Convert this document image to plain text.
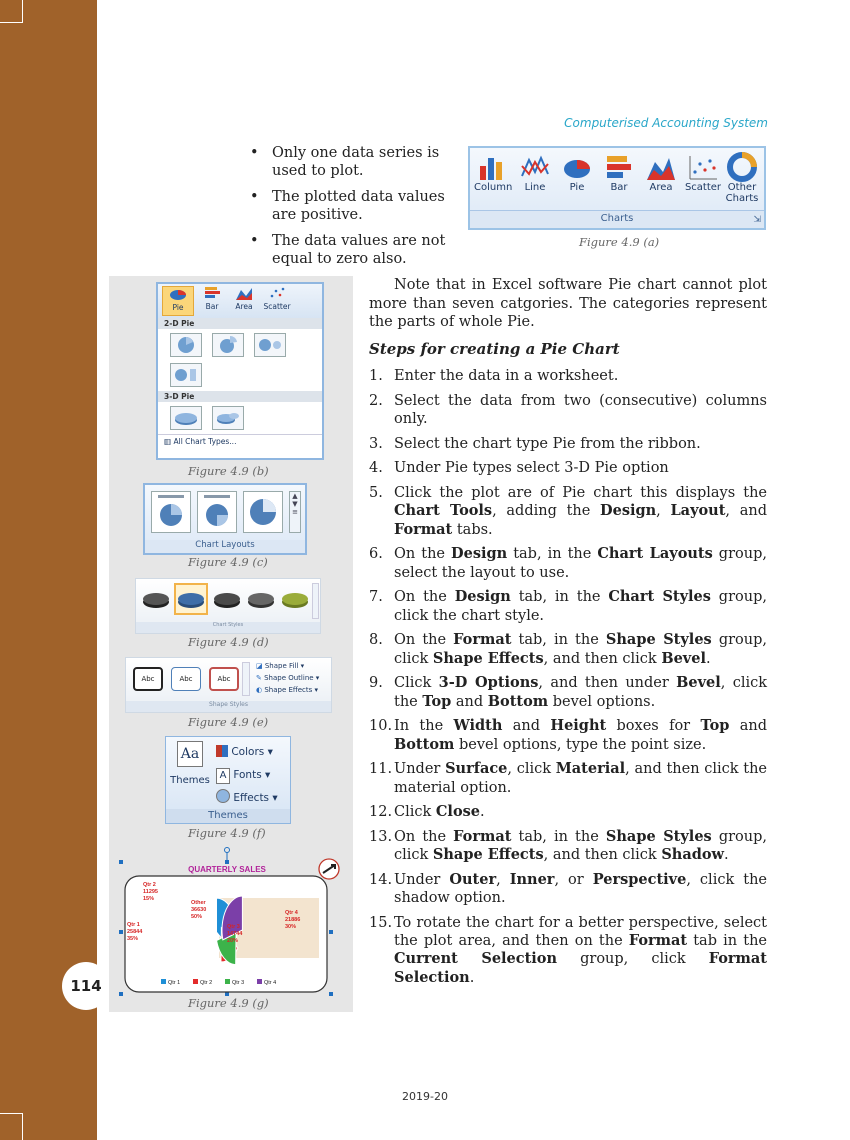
114
Computerised Accounting System
• Only one data series is used to plot.
• The plotted data values are positive.
• The data values are not equal to zero also.
Column	Line	Pie	Bar	Area	Scatter Other Charts
Charts	⇲
Figure 4.9 (a)
Pie	Bar	Area	Scatter
2-D Pie
3-D Pie
▥ All Chart Types...
Figure 4.9 (b)
▲
▼
≡
Chart Layouts
Figure 4.9 (c)
Chart Styles
Figure 4.9 (d)
Abc	Abc	Abc
◪ Shape Fill ▾
✎ Shape Outline ▾
◐ Shape Effects ▾
Shape Styles
Figure 4.9 (e)
Aa
Themes
Colors ▾
A Fonts ▾
Effects ▾
Themes
Figure 4.9 (f)
QUARTERLY SALES
Qtr 1
25844
35%
Qtr 2
11295
15%
Qtr 3
14744
20%
Qtr 4
21886
30%
Other
36630
50%
Qtr 1	Qtr 2	Qtr 3	Qtr 4
Figure 4.9 (g)
Note that in Excel software Pie chart cannot plot more than seven catgories. The categories represent the parts of whole Pie.
Steps for creating a Pie Chart
1. Enter the data in a worksheet.
2. Select the data from two (consecutive) columns only.
3. Select the chart type Pie from the ribbon.
4. Under Pie types select 3-D Pie option
5. Click the plot are of Pie chart this displays the Chart Tools, adding the Design, Layout, and Format tabs.
6. On the Design tab, in the Chart Layouts group, select the layout to use.
7. On the Design tab, in the Chart Styles group, click the chart style.
8. On the Format tab, in the Shape Styles group, click Shape Effects, and then click Bevel.
9. Click 3-D Options, and then under Bevel, click the Top and Bottom bevel options.
10. In the Width and Height boxes for Top and Bottom bevel options, type the point size.
11. Under Surface, click Material, and then click the material option.
12. Click Close.
13. On the Format tab, in the Shape Styles group, click Shape Effects, and then click Shadow.
14. Under Outer, Inner, or Perspective, click the shadow option.
15. To rotate the chart for a better perspective, select the plot area, and then on the Format tab in the Current Selection group, click Format Selection.
2019-20
